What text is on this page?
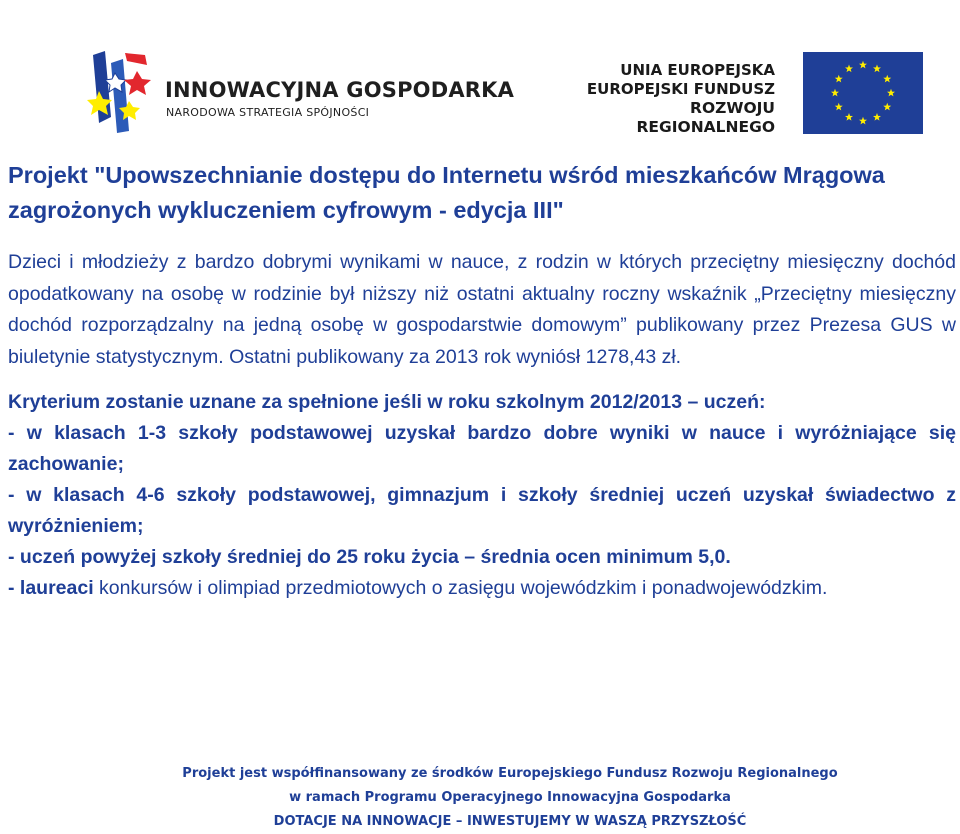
INNOWACYJNA GOSPODARKA
NARODOWA STRATEGIA SPÓJNOŚCI
UNIA EUROPEJSKA
EUROPEJSKI FUNDUSZ
ROZWOJU REGIONALNEGO

Projekt "Upowszechnianie dostępu do Internetu wśród mieszkańców Mrągowa zagrożonych wykluczeniem cyfrowym - edycja III"

Dzieci i młodzieży z bardzo dobrymi wynikami w nauce, z rodzin w których przeciętny miesięczny dochód opodatkowany na osobę w rodzinie był niższy niż ostatni aktualny roczny wskaźnik „Przeciętny miesięczny dochód rozporządzalny na jedną osobę w gospodarstwie domowym” publikowany przez Prezesa GUS w biuletynie statystycznym. Ostatni publikowany za 2013 rok wyniósł 1278,43 zł.

Kryterium zostanie uznane za spełnione jeśli w roku szkolnym 2012/2013 – uczeń:
- w klasach 1-3 szkoły podstawowej uzyskał bardzo dobre wyniki w nauce i wyróżniające się zachowanie;
- w klasach 4-6 szkoły podstawowej, gimnazjum i szkoły średniej uczeń uzyskał świadectwo z wyróżnieniem;
- uczeń powyżej szkoły średniej do 25 roku życia – średnia ocen minimum 5,0.
- laureaci konkursów i olimpiad przedmiotowych o zasięgu wojewódzkim i ponadwojewódzkim.
Projekt jest współfinansowany ze środków Europejskiego Fundusz Rozwoju Regionalnego
w ramach Programu Operacyjnego Innowacyjna Gospodarka
DOTACJE NA INNOWACJE – INWESTUJEMY W WASZĄ PRZYSZŁOŚĆ
